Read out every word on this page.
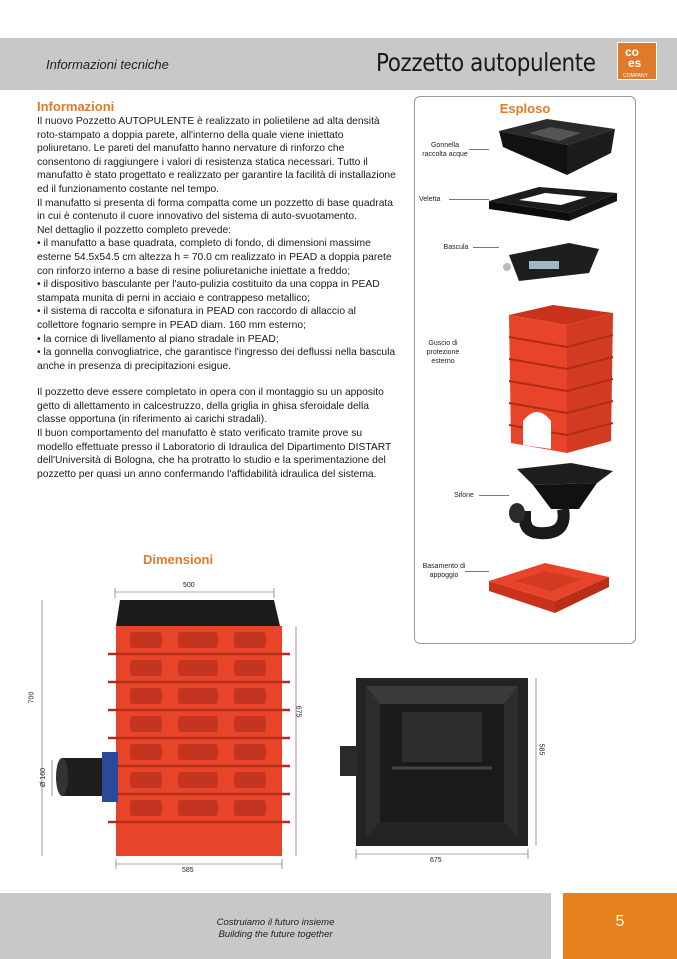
Informazioni tecniche	Pozzetto autopulente co
es
COMPANY
Informazioni

Il nuovo Pozzetto AUTOPULENTE è realizzato in polietilene ad alta densità roto-stampato a doppia parete, all'interno della quale viene iniettato poliuretano. Le pareti del manufatto hanno nervature di rinforzo che consentono di raggiungere i valori di resistenza statica necessari. Tutto il manufatto è stato progettato e realizzato per garantire la facilità di installazione ed il funzionamento costante nel tempo.

Il manufatto si presenta di forma compatta come un pozzetto di base quadrata in cui è contenuto il cuore innovativo del sistema di auto-svuotamento.

Nel dettaglio il pozzetto completo prevede:

• il manufatto a base quadrata, completo di fondo, di dimensioni massime esterne 54.5x54.5 cm altezza h = 70.0 cm realizzato in PEAD a doppia parete con rinforzo interno a base di resine poliuretaniche iniettate a freddo;

• il dispositivo basculante per l'auto-pulizia costituito da una coppa in PEAD stampata munita di perni in acciaio e contrappeso metallico;

• il sistema di raccolta e sifonatura in PEAD con raccordo di allaccio al collettore fognario sempre in PEAD diam. 160 mm esterno;

• la cornice di livellamento al piano stradale in PEAD;

• la gonnella convogliatrice, che garantisce l'ingresso dei deflussi nella bascula anche in presenza di precipitazioni esigue.

Il pozzetto deve essere completato in opera con il montaggio su un apposito getto di allettamento in calcestruzzo, della griglia in ghisa sferoidale della classe opportuna (in riferimento ai carichi stradali).

Il buon comportamento del manufatto è stato verificato tramite prove su modello effettuate presso il Laboratorio di Idraulica del Dipartimento DISTART dell'Università di Bologna, che ha protratto lo studio e la sperimentazione del pozzetto per quasi un anno confermando l'affidabilità idraulica del sistema.

Esploso
Gonnella raccolta acque
Veletta
Bascula
Guscio di protezione esterno
Sifone
Basamento di appoggio
Dimensioni
500
700
Ø 160
675
585
585
675
Costruiamo il futuro insieme
Building the future together
5
